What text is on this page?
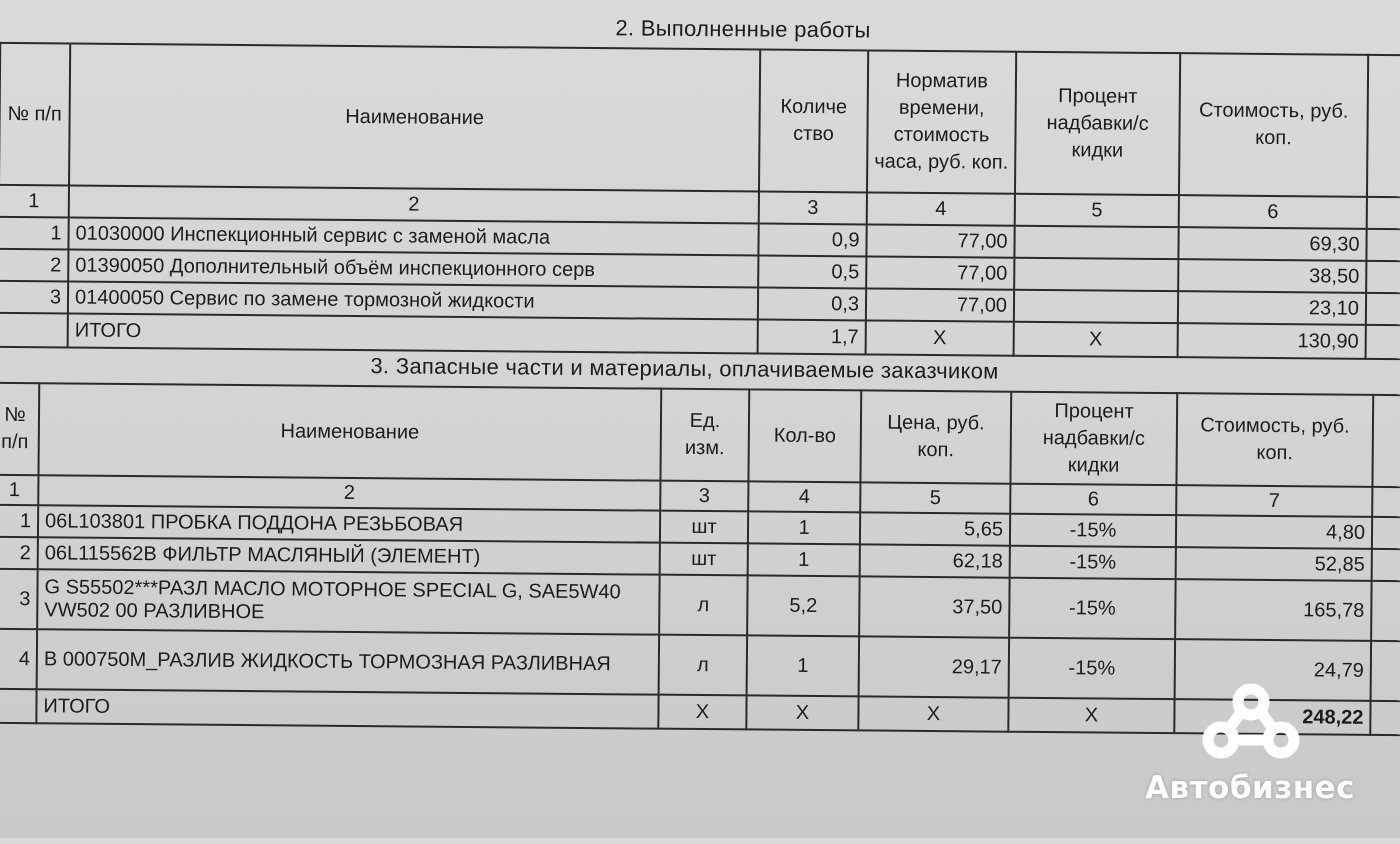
2. Выполненные работы
№ п/п	Наименование	Количе ство	Норматив времени, стоимость часа, руб. коп.	Процент надбавки/с кидки	Стоимость, руб. коп.	
1	2	3	4	5	6	
1	01030000 Инспекционный сервис с заменой масла	0,9	77,00		69,30	
2	01390050 Дополнительный объём инспекционного серв	0,5	77,00		38,50	
3	01400050 Сервис по замене тормозной жидкости	0,3	77,00		23,10	
	ИТОГО	1,7	X	X	130,90	
3. Запасные части и материалы, оплачиваемые заказчиком
№ п/п	Наименование	Ед. изм.	Кол-во	Цена, руб. коп.	Процент надбавки/с кидки	Стоимость, руб. коп.	
1	2	3	4	5	6	7	
1	06L103801 ПРОБКА ПОДДОНА РЕЗЬБОВАЯ	шт	1	5,65	-15%	4,80	
2	06L115562B ФИЛЬТР МАСЛЯНЫЙ (ЭЛЕМЕНТ)	шт	1	62,18	-15%	52,85	
3	G S55502***РАЗЛ МАСЛО МОТОРНОЕ SPECIAL G, SAE5W40 VW502 00 РАЗЛИВНОЕ	л	5,2	37,50	-15%	165,78	
4	B 000750M_РАЗЛИВ ЖИДКОСТЬ ТОРМОЗНАЯ РАЗЛИВНАЯ	л	1	29,17	-15%	24,79	
	ИТОГО	X	X	X	X	248,22	
Автобизнес
